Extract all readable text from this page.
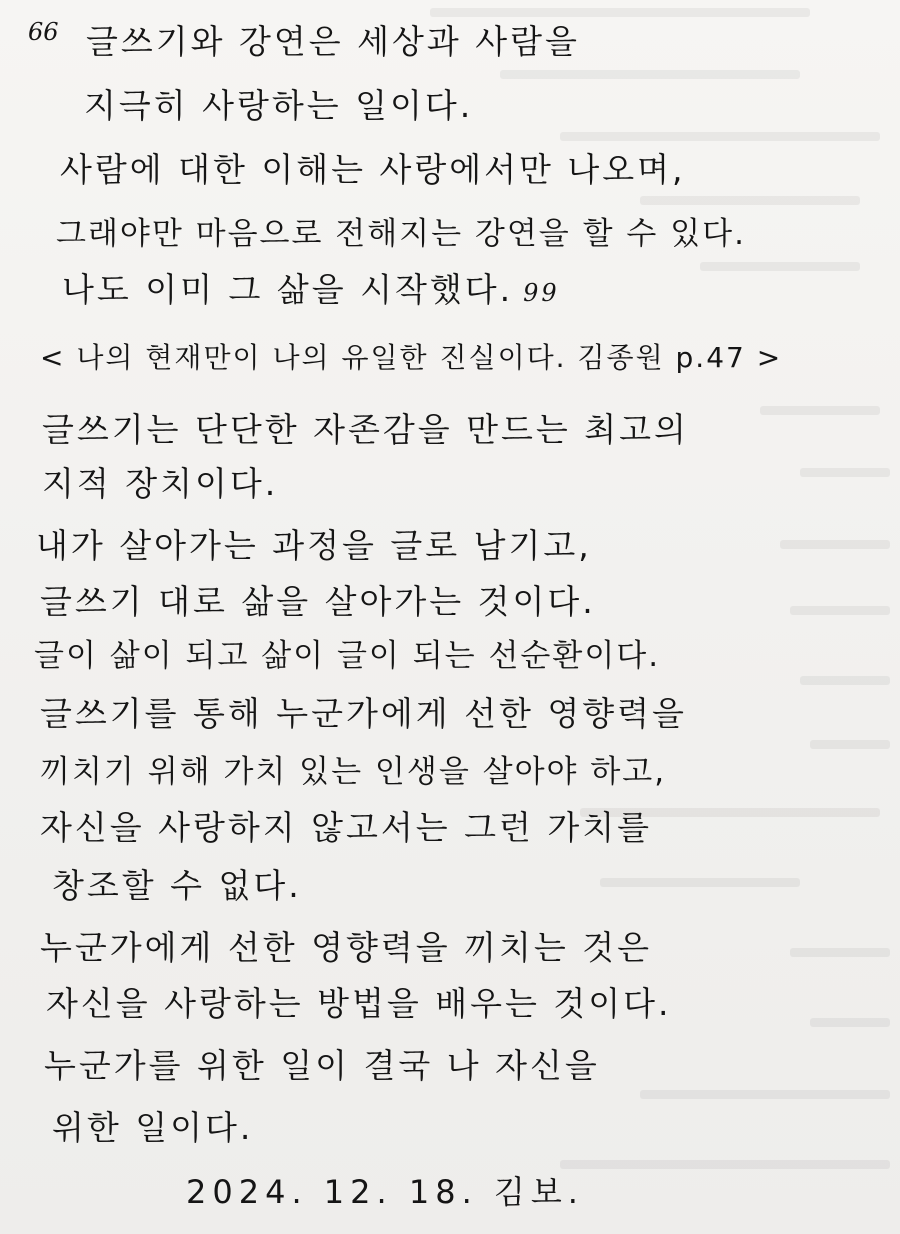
66 글쓰기와 강연은 세상과 사람을
지극히 사랑하는 일이다.
사람에 대한 이해는 사랑에서만 나오며,
그래야만 마음으로 전해지는 강연을 할 수 있다.
나도 이미 그 삶을 시작했다. 99
< 나의 현재만이 나의 유일한 진실이다. 김종원 p.47 >
글쓰기는 단단한 자존감을 만드는 최고의
지적 장치이다.
내가 살아가는 과정을 글로 남기고,
글쓰기 대로 삶을 살아가는 것이다.
글이 삶이 되고 삶이 글이 되는 선순환이다.
글쓰기를 통해 누군가에게 선한 영향력을
끼치기 위해 가치 있는 인생을 살아야 하고,
자신을 사랑하지 않고서는 그런 가치를
창조할 수 없다.
누군가에게 선한 영향력을 끼치는 것은
자신을 사랑하는 방법을 배우는 것이다.
누군가를 위한 일이 결국 나 자신을
위한 일이다.
2024. 12. 18. 김보.
